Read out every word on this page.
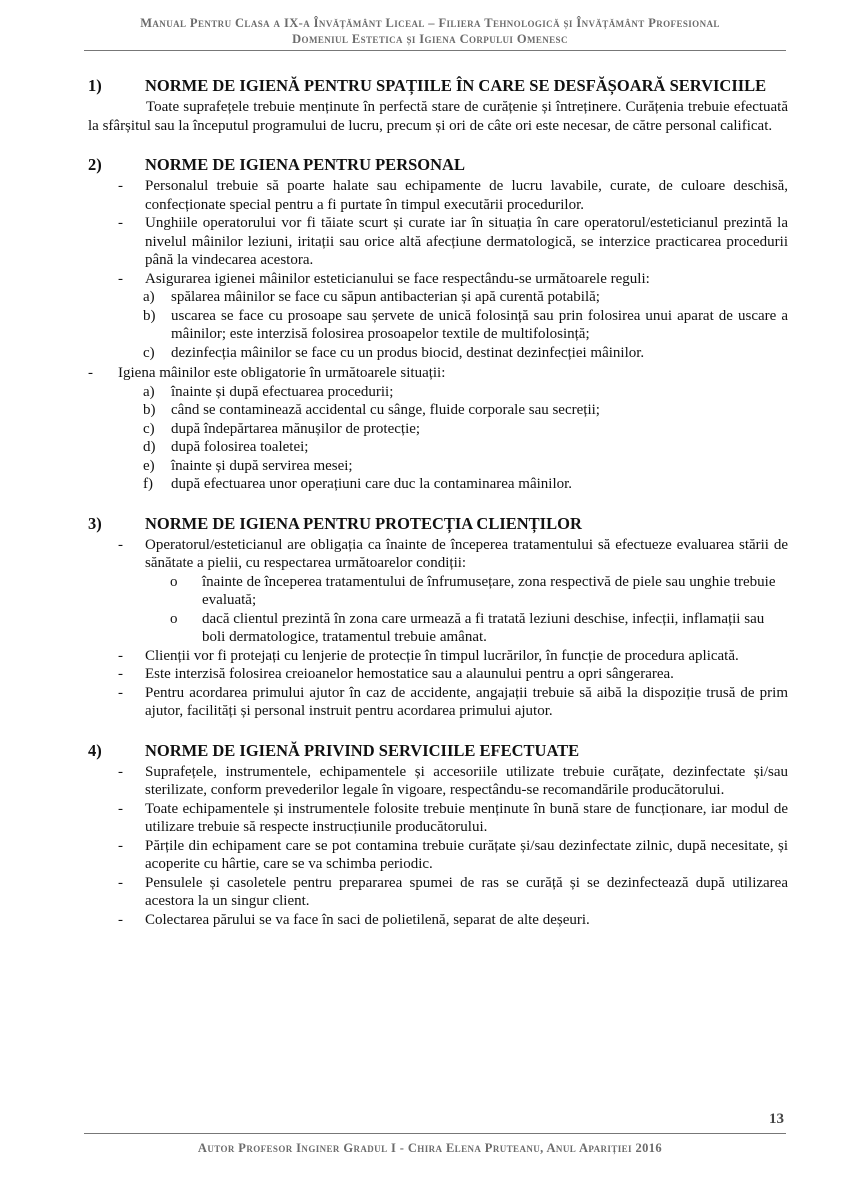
Manual Pentru Clasa a IX-a Învățământ Liceal – Filiera Tehnologică și Învățământ Profesional
Domeniul Estetica și Igiena Corpului Omenesc
1)	NORME DE IGIENĂ PENTRU SPAȚIILE ÎN CARE SE DESFĂȘOARĂ SERVICIILE

Toate suprafețele trebuie menținute în perfectă stare de curățenie și întreținere. Curățenia trebuie efectuată la sfârșitul sau la începutul programului de lucru, precum și ori de câte ori este necesar, de către personal calificat.

2)	NORME DE IGIENA PENTRU PERSONAL
- Personalul trebuie să poarte halate sau echipamente de lucru lavabile, curate, de culoare deschisă, confecționate special pentru a fi purtate în timpul executării procedurilor.
- Unghiile operatorului vor fi tăiate scurt și curate iar în situația în care operatorul/esteticianul prezintă la nivelul mâinilor leziuni, iritații sau orice altă afecțiune dermatologică, se interzice practicarea procedurii până la vindecarea acestora.
- Asigurarea igienei mâinilor esteticianului se face respectându-se următoarele reguli:
a) spălarea mâinilor se face cu săpun antibacterian și apă curentă potabilă;
b) uscarea se face cu prosoape sau șervete de unică folosință sau prin folosirea unui aparat de uscare a mâinilor; este interzisă folosirea prosoapelor textile de multifolosință;
c) dezinfecția mâinilor se face cu un produs biocid, destinat dezinfecției mâinilor.
- Igiena mâinilor este obligatorie în următoarele situații:
a) înainte și după efectuarea procedurii;
b) când se contaminează accidental cu sânge, fluide corporale sau secreții;
c) după îndepărtarea mănușilor de protecție;
d) după folosirea toaletei;
e) înainte și după servirea mesei;
f) după efectuarea unor operațiuni care duc la contaminarea mâinilor.
3)	NORME DE IGIENA PENTRU PROTECȚIA CLIENȚILOR
- Operatorul/esteticianul are obligația ca înainte de începerea tratamentului să efectueze evaluarea stării de sănătate a pielii, cu respectarea următoarelor condiții:
o înainte de începerea tratamentului de înfrumusețare, zona respectivă de piele sau unghie trebuie evaluată;
o dacă clientul prezintă în zona care urmează a fi tratată leziuni deschise, infecții, inflamații sau boli dermatologice, tratamentul trebuie amânat.
- Clienții vor fi protejați cu lenjerie de protecție în timpul lucrărilor, în funcție de procedura aplicată.
- Este interzisă folosirea creioanelor hemostatice sau a alaunului pentru a opri sângerarea.
- Pentru acordarea primului ajutor în caz de accidente, angajații trebuie să aibă la dispoziție trusă de prim ajutor, facilități și personal instruit pentru acordarea primului ajutor.
4)	NORME DE IGIENĂ PRIVIND SERVICIILE EFECTUATE
- Suprafețele, instrumentele, echipamentele și accesoriile utilizate trebuie curățate, dezinfectate și/sau sterilizate, conform prevederilor legale în vigoare, respectându-se recomandările producătorului.
- Toate echipamentele și instrumentele folosite trebuie menținute în bună stare de funcționare, iar modul de utilizare trebuie să respecte instrucțiunile producătorului.
- Părțile din echipament care se pot contamina trebuie curățate și/sau dezinfectate zilnic, după necesitate, și acoperite cu hârtie, care se va schimba periodic.
- Pensulele și casoletele pentru prepararea spumei de ras se curăță și se dezinfectează după utilizarea acestora la un singur client.
- Colectarea părului se va face în saci de polietilenă, separat de alte deșeuri.
13
Autor Profesor Inginer Gradul I - Chira Elena Pruteanu, Anul Apariției 2016
